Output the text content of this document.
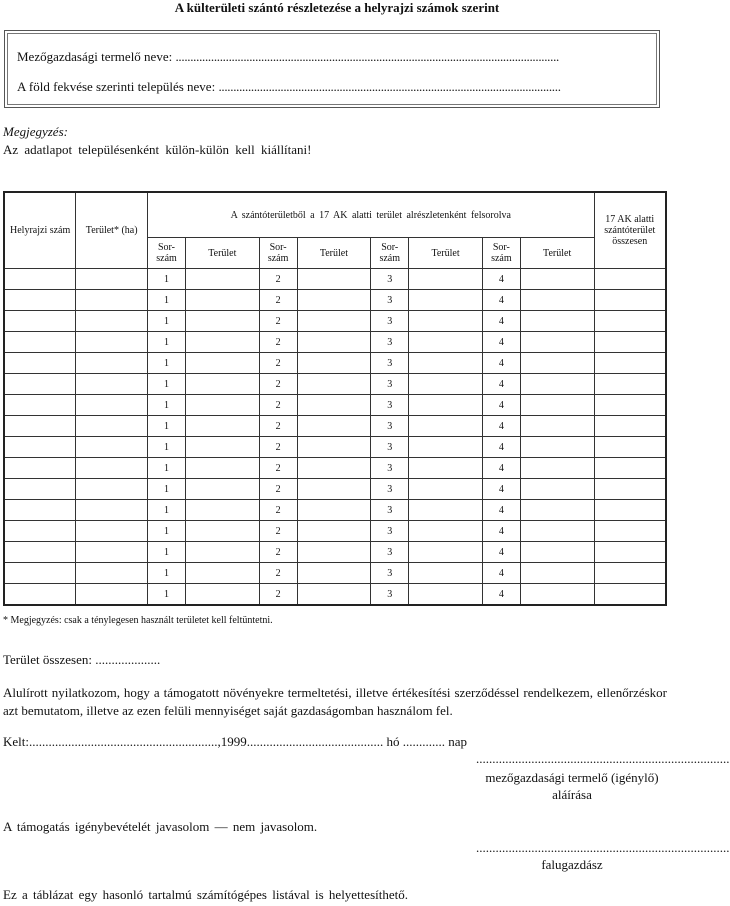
A külterületi szántó részletezése a helyrajzi számok szerint
Mezőgazdasági termelő neve: ..................................................................................................................................
A föld fekvése szerinti település neve: ....................................................................................................................
Megjegyzés:
Az adatlapot településenként külön-külön kell kiállítani!
Helyrajzi szám	Terület* (ha)	A szántóterületből a 17 AK alatti terület alrészletenként felsorolva								17 AK alatti szántóterület összesen
		Sor-szám	Terület	Sor-szám	Terület	Sor-szám	Terület	Sor-szám	Terület	
		1		2		3		4		
		1		2		3		4		
		1		2		3		4		
		1		2		3		4		
		1		2		3		4		
		1		2		3		4		
		1		2		3		4		
		1		2		3		4		
		1		2		3		4		
		1		2		3		4		
		1		2		3		4		
		1		2		3		4		
		1		2		3		4		
		1		2		3		4		
		1		2		3		4		
		1		2		3		4		
* Megjegyzés: csak a ténylegesen használt területet kell feltüntetni.
Terület összesen: ....................
Alulírott nyilatkozom, hogy a támogatott növényekre termeltetési, illetve értékesítési szerződéssel rendelkezem, ellenőrzéskor azt bemutatom, illetve az ezen felüli mennyiséget saját gazdaságomban használom fel.
Kelt:..........................................................,1999.......................................... hó ............. nap
..............................................................................
mezőgazdasági termelő (igénylő)
aláírása
A támogatás igénybevételét javasolom — nem javasolom.
..............................................................................
falugazdász
Ez a táblázat egy hasonló tartalmú számítógépes listával is helyettesíthető.
